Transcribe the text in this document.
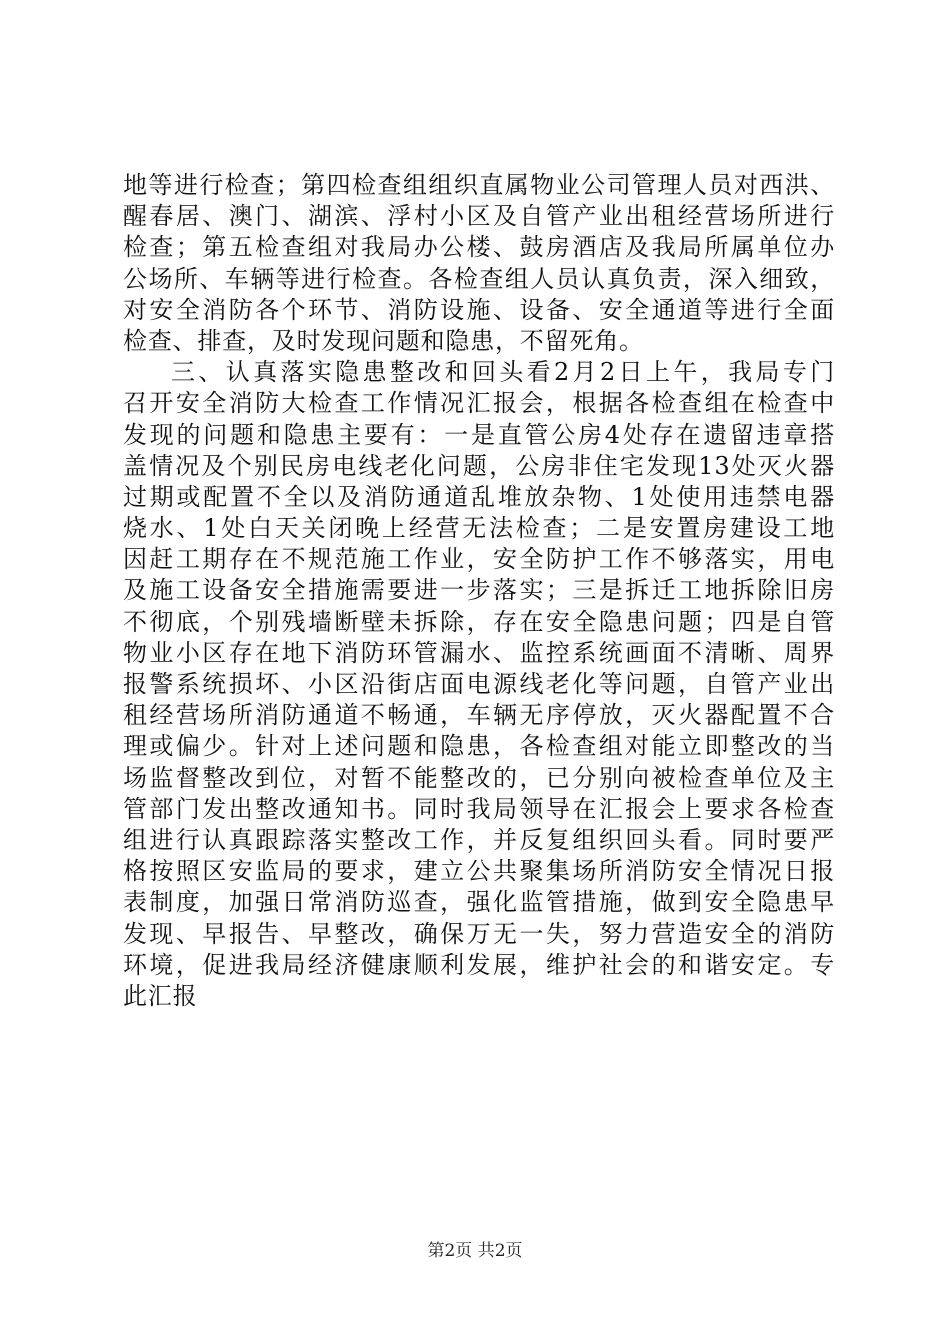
地等进行检查；第四检查组组织直属物业公司管理人员对西洪、
醒春居、澳门、湖滨、浮村小区及自管产业出租经营场所进行
检查；第五检查组对我局办公楼、鼓房酒店及我局所属单位办
公场所、车辆等进行检查。各检查组人员认真负责，深入细致，
对安全消防各个环节、消防设施、设备、安全通道等进行全面
检查、排查，及时发现问题和隐患，不留死角。
三、认真落实隐患整改和回头看2月2日上午，我局专门
召开安全消防大检查工作情况汇报会，根据各检查组在检查中
发现的问题和隐患主要有：一是直管公房4处存在遗留违章搭
盖情况及个别民房电线老化问题，公房非住宅发现13处灭火器
过期或配置不全以及消防通道乱堆放杂物、1处使用违禁电器
烧水、1处白天关闭晚上经营无法检查；二是安置房建设工地
因赶工期存在不规范施工作业，安全防护工作不够落实，用电
及施工设备安全措施需要进一步落实；三是拆迁工地拆除旧房
不彻底，个别残墙断壁未拆除，存在安全隐患问题；四是自管
物业小区存在地下消防环管漏水、监控系统画面不清晰、周界
报警系统损坏、小区沿街店面电源线老化等问题，自管产业出
租经营场所消防通道不畅通，车辆无序停放，灭火器配置不合
理或偏少。针对上述问题和隐患，各检查组对能立即整改的当
场监督整改到位，对暂不能整改的，已分别向被检查单位及主
管部门发出整改通知书。同时我局领导在汇报会上要求各检查
组进行认真跟踪落实整改工作，并反复组织回头看。同时要严
格按照区安监局的要求，建立公共聚集场所消防安全情况日报
表制度，加强日常消防巡查，强化监管措施，做到安全隐患早
发现、早报告、早整改，确保万无一失，努力营造安全的消防
环境，促进我局经济健康顺利发展，维护社会的和谐安定。专
此汇报
第2页 共2页
